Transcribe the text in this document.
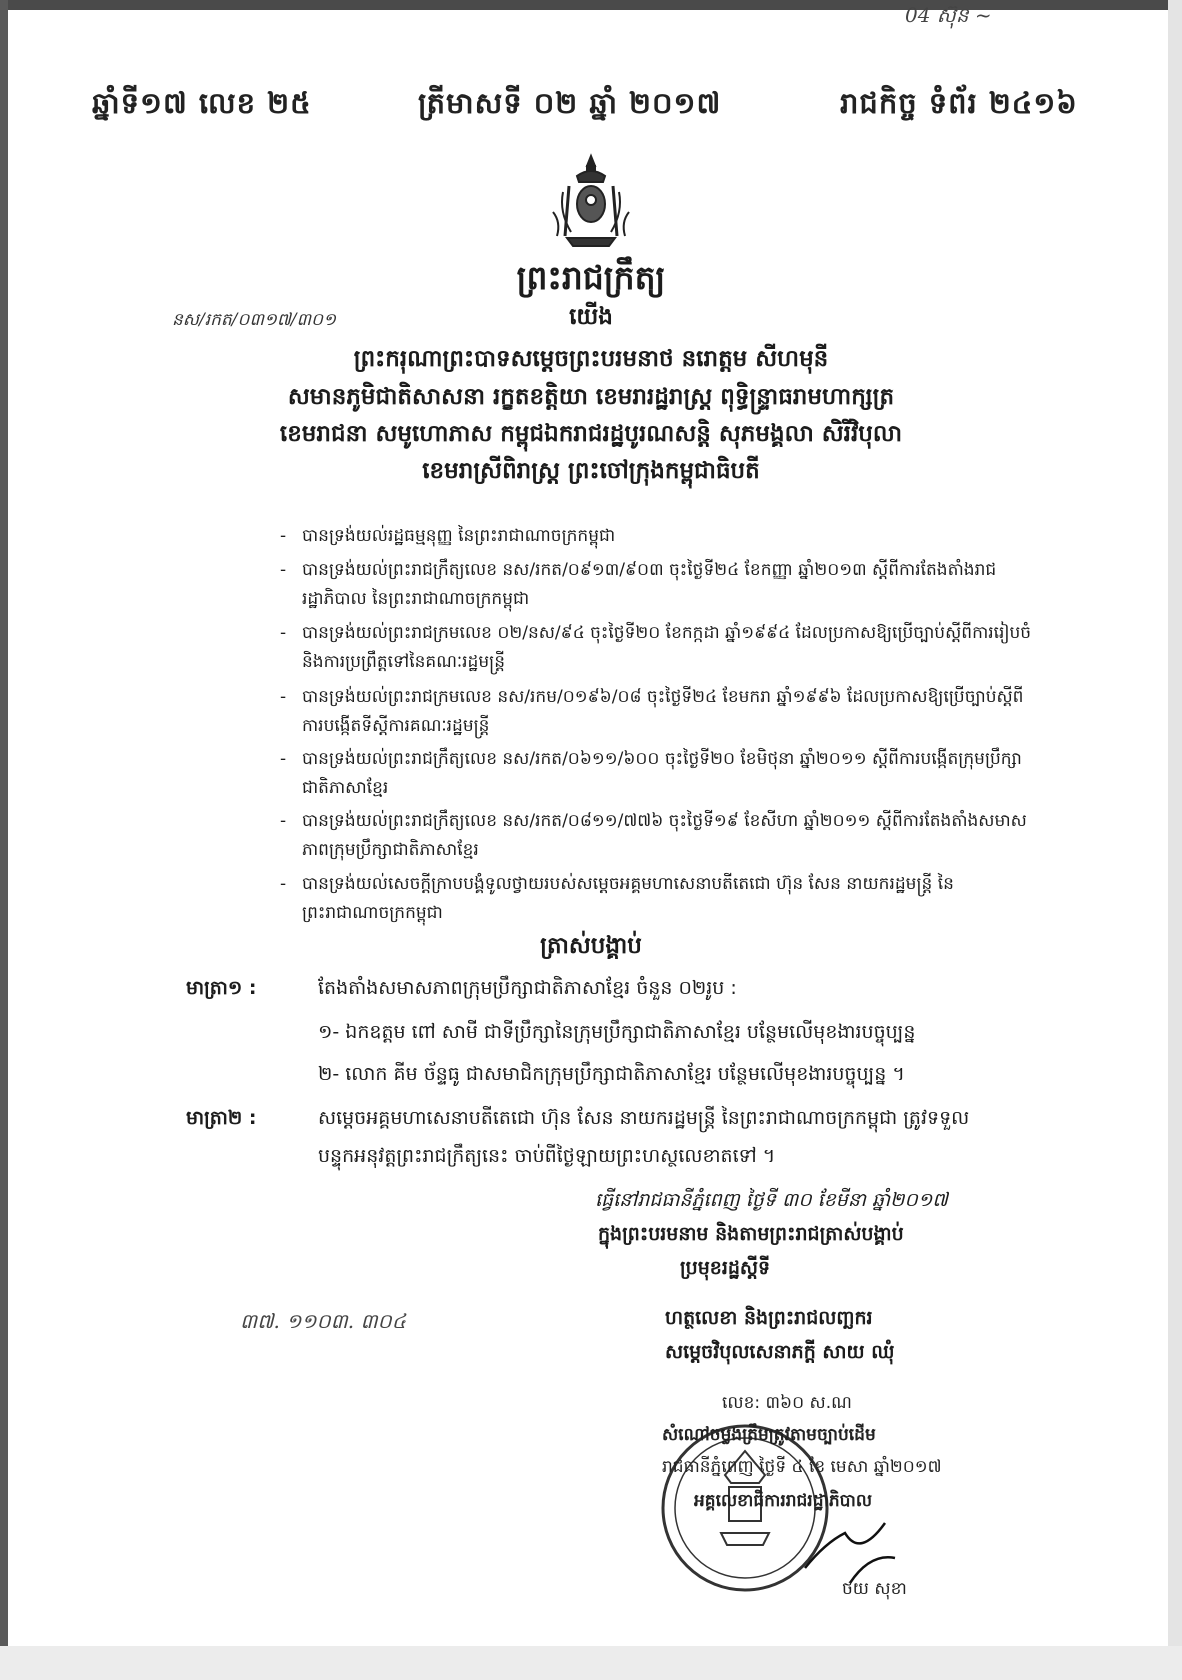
04 ស៊ុន ~
ឆ្នាំទី១៧ លេខ ២៥	ត្រីមាសទី ០២ ឆ្នាំ ២០១៧	រាជកិច្ច ទំព័រ ២៤១៦
ព្រះរាជក្រឹត្យ
នស/រកត/០៣១៧/៣០១	យើង
ព្រះករុណាព្រះបាទសម្តេចព្រះបរមនាថ នរោត្តម សីហមុនី
សមានភូមិជាតិសាសនា រក្ខតខត្តិយា ខេមរារដ្ឋរាស្ត្រ ពុទ្ធិន្ទ្រាធរាមហាក្សត្រ
ខេមរាជនា សមូហោភាស កម្ពុជឯករាជរដ្ឋបូរណសន្តិ សុភមង្គលា សិរីវិបុលា
ខេមរាស្រីពិរាស្ត្រ ព្រះចៅក្រុងកម្ពុជាធិបតី
- បានទ្រង់យល់រដ្ឋធម្មនុញ្ញ នៃព្រះរាជាណាចក្រកម្ពុជា
- បានទ្រង់យល់ព្រះរាជក្រឹត្យលេខ នស/រកត/០៩១៣/៩០៣ ចុះថ្ងៃទី២៤ ខែកញ្ញា ឆ្នាំ២០១៣ ស្តីពីការតែងតាំងរាជរដ្ឋាភិបាល នៃព្រះរាជាណាចក្រកម្ពុជា
- បានទ្រង់យល់ព្រះរាជក្រមលេខ ០២/នស/៩៤ ចុះថ្ងៃទី២០ ខែកក្កដា ឆ្នាំ១៩៩៤ ដែលប្រកាសឱ្យប្រើច្បាប់ស្តីពីការរៀបចំ និងការប្រព្រឹត្តទៅនៃគណៈរដ្ឋមន្ត្រី
- បានទ្រង់យល់ព្រះរាជក្រមលេខ នស/រកម/០១៩៦/០៨ ចុះថ្ងៃទី២៤ ខែមករា ឆ្នាំ១៩៩៦ ដែលប្រកាសឱ្យប្រើច្បាប់ស្តីពីការបង្កើតទីស្តីការគណៈរដ្ឋមន្ត្រី
- បានទ្រង់យល់ព្រះរាជក្រឹត្យលេខ នស/រកត/០៦១១/៦០០ ចុះថ្ងៃទី២០ ខែមិថុនា ឆ្នាំ២០១១ ស្តីពីការបង្កើតក្រុមប្រឹក្សាជាតិភាសាខ្មែរ
- បានទ្រង់យល់ព្រះរាជក្រឹត្យលេខ នស/រកត/០៨១១/៧៧៦ ចុះថ្ងៃទី១៩ ខែសីហា ឆ្នាំ២០១១ ស្តីពីការតែងតាំងសមាសភាពក្រុមប្រឹក្សាជាតិភាសាខ្មែរ
- បានទ្រង់យល់សេចក្តីក្រាបបង្គំទូលថ្វាយរបស់សម្តេចអគ្គមហាសេនាបតីតេជោ ហ៊ុន សែន នាយករដ្ឋមន្ត្រី នៃព្រះរាជាណាចក្រកម្ពុជា
ត្រាស់បង្គាប់
មាត្រា១ :	តែងតាំងសមាសភាពក្រុមប្រឹក្សាជាតិភាសាខ្មែរ ចំនួន ០២រូប :
១- ឯកឧត្តម ពៅ សាមី ជាទីប្រឹក្សានៃក្រុមប្រឹក្សាជាតិភាសាខ្មែរ បន្ថែមលើមុខងារបច្ចុប្បន្ន
២- លោក គីម ច័ន្ទធូ ជាសមាជិកក្រុមប្រឹក្សាជាតិភាសាខ្មែរ បន្ថែមលើមុខងារបច្ចុប្បន្ន ។
មាត្រា២ :	សម្តេចអគ្គមហាសេនាបតីតេជោ ហ៊ុន សែន នាយករដ្ឋមន្ត្រី នៃព្រះរាជាណាចក្រកម្ពុជា ត្រូវទទួល
បន្ទុកអនុវត្តព្រះរាជក្រឹត្យនេះ ចាប់ពីថ្ងៃឡាយព្រះហស្ថលេខាតទៅ ។
ធ្វើនៅរាជធានីភ្នំពេញ ថ្ងៃទី ៣០ ខែមីនា ឆ្នាំ២០១៧
ក្នុងព្រះបរមនាម និងតាមព្រះរាជត្រាស់បង្គាប់
ប្រមុខរដ្ឋស្តីទី
៣៧. ១១០៣. ៣០៤	ហត្ថលេខា និងព្រះរាជលញ្ឆករ
សម្តេចវិបុលសេនាភក្តី សាយ ឈុំ
លេខ: ៣៦០ ស.ណ
សំណៅចម្លងត្រឹមត្រូវតាមច្បាប់ដើម
រាជធានីភ្នំពេញ ថ្ងៃទី ៤ ខែ មេសា ឆ្នាំ២០១៧
អគ្គលេខាធិការរាជរដ្ឋាភិបាល
ថយ សុខា
